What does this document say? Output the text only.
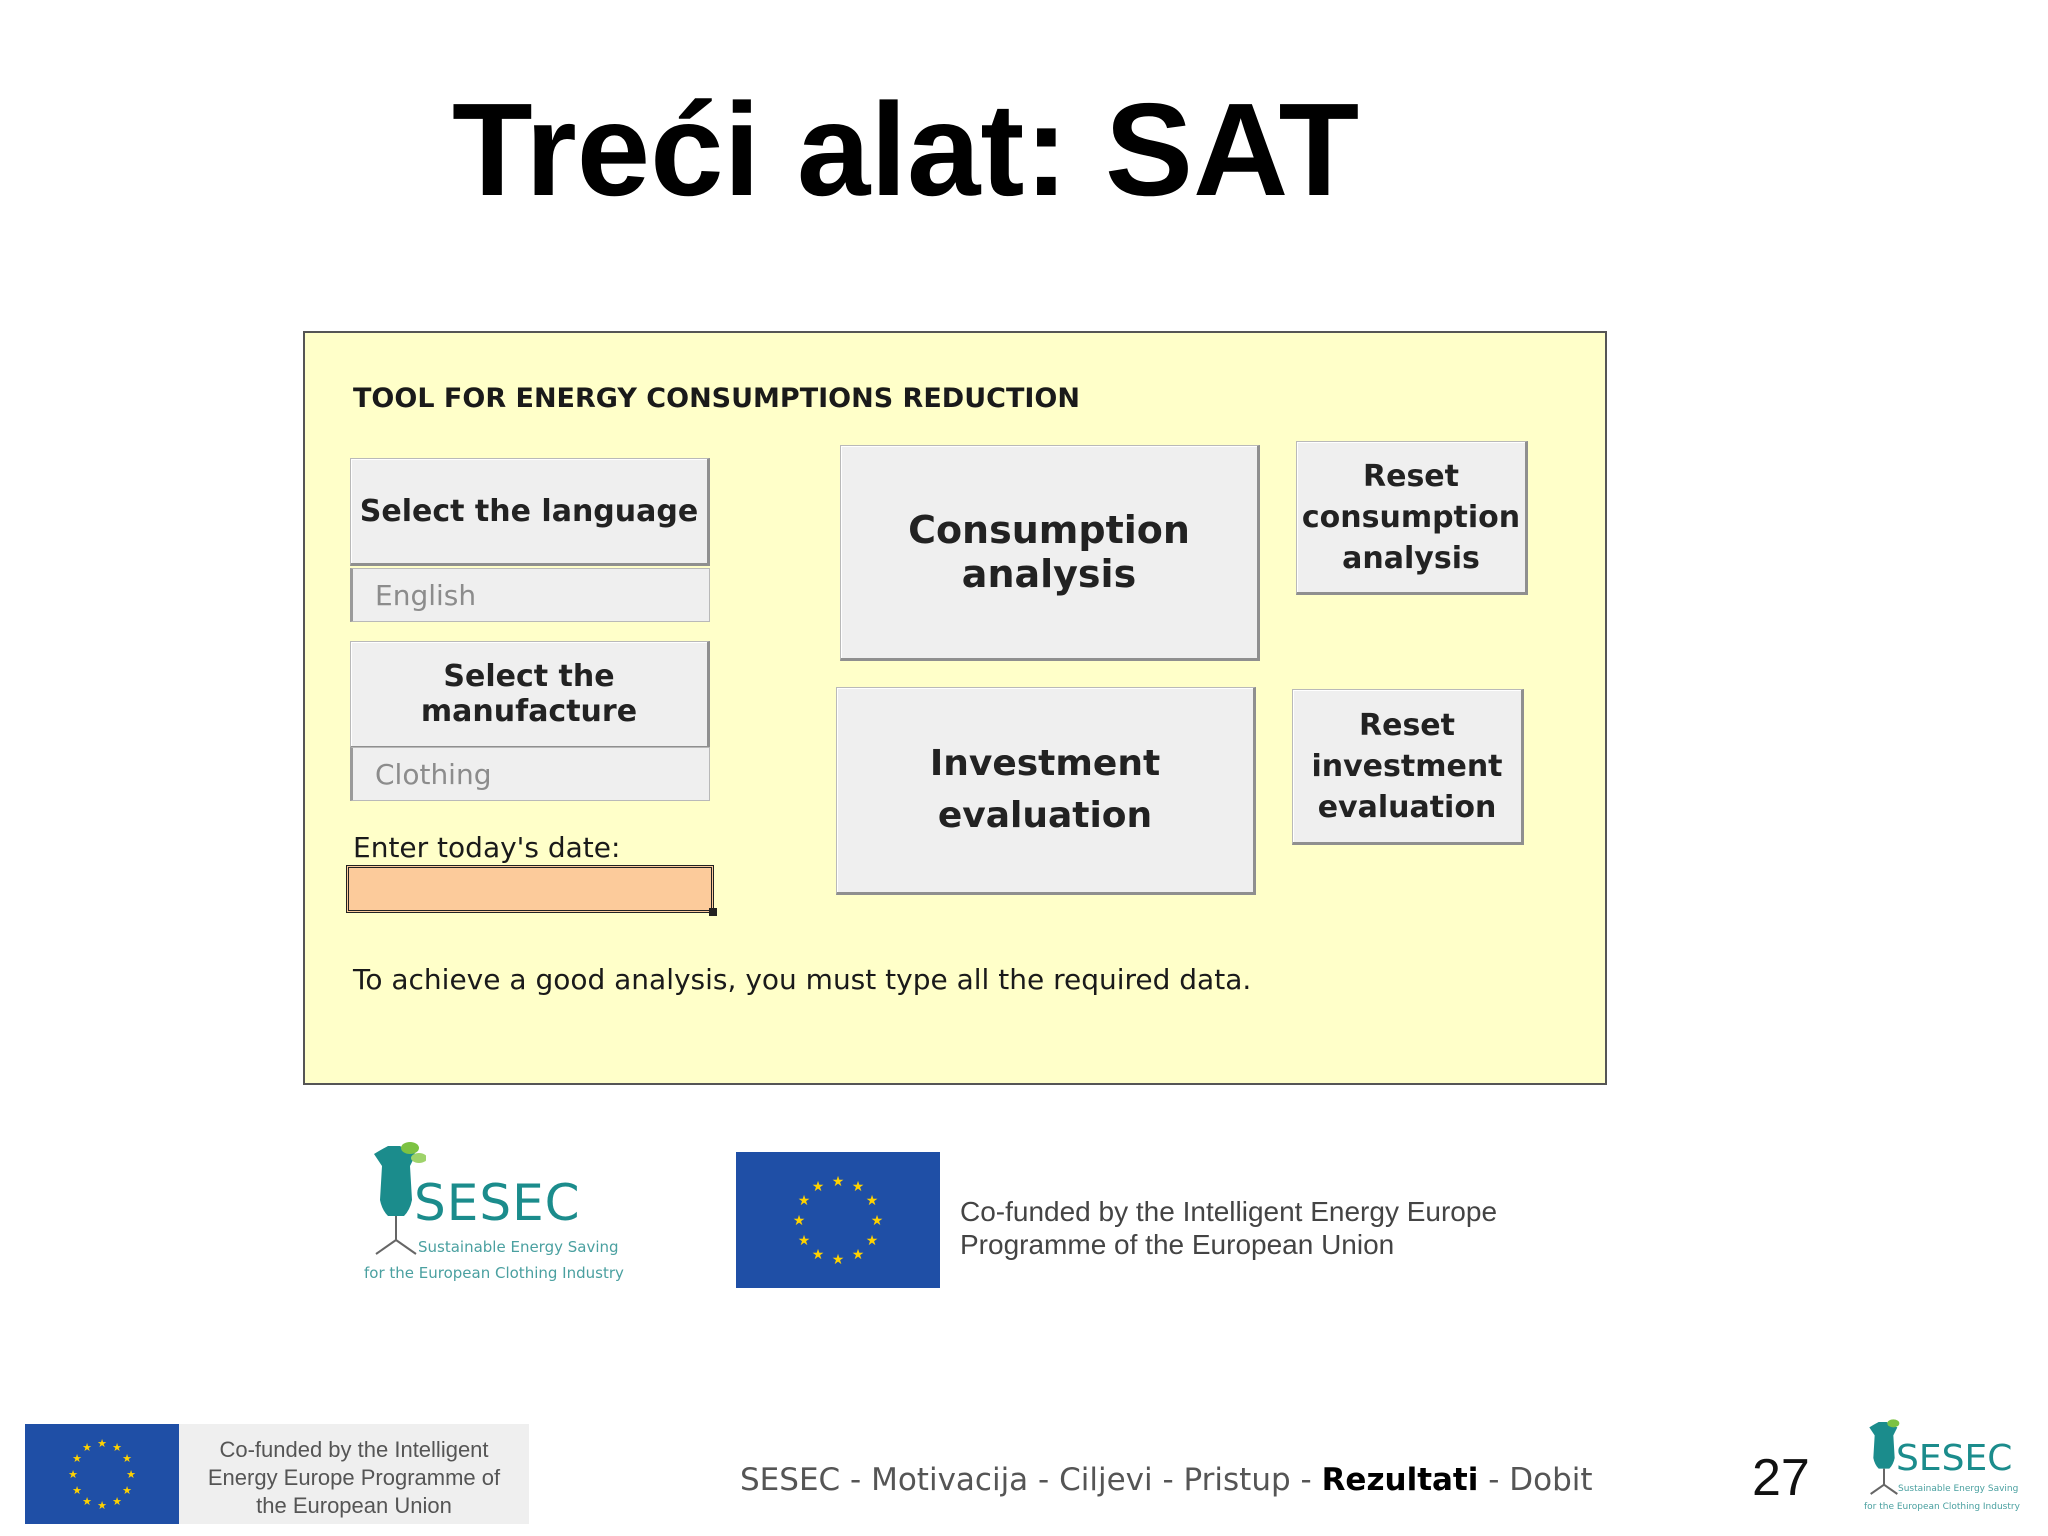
Treći alat: SAT
TOOL FOR ENERGY CONSUMPTIONS REDUCTION
Select the language
English
Select the manufacture
Clothing
Enter today's date:
Consumption analysis
Reset consumption analysis
Investment evaluation
Reset investment evaluation
To achieve a good analysis, you must type all the required data.
SESEC
Sustainable Energy Saving
for the European Clothing Industry
★ ★
★
★
★
★
★
★
★
★
★
★
Co-funded by the Intelligent Energy Europe
Programme of the European Union
★ ★
★
★
★
★
★
★
★
★
★
★	Co-funded by the Intelligent
Energy Europe Programme of
the European Union
SESEC - Motivacija - Ciljevi - Pristup - Rezultati - Dobit	27 SESEC
Sustainable Energy Saving
for the European Clothing Industry
